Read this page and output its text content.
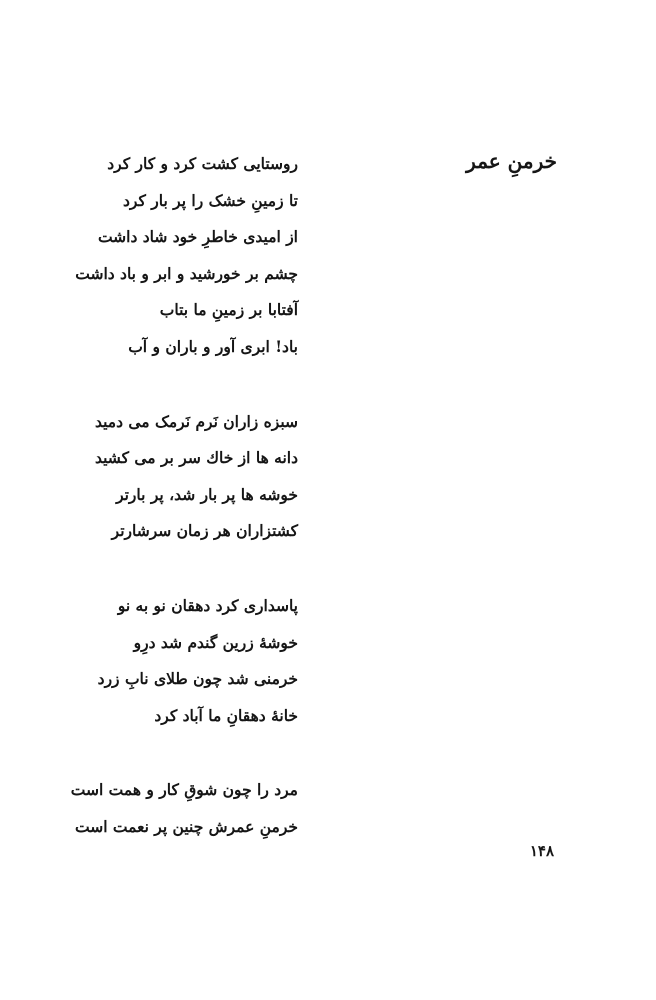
خرمنِ عمر
روستایی کشت کرد و کار کرد
تا زمینِ خشک را پر بار کرد
از امیدی خاطرِ خود شاد داشت
چشم بر خورشید و ابر و باد داشت
آفتابا بر زمینِ ما بتاب
باد! ابری آور و باران و آب
سبزه زاران نَرم نَرمک می دمید
دانه ها از خاك سر بر می کشید
خوشه ها پر بار شد، پر بارتر
کشتزاران هر زمان سرشارتر
پاسداری کرد دهقان نو به نو
خوشهٔ زرین گندم شد درِو
خرمنی شد چون طلای نابِ زرد
خانهٔ دهقانِ ما آباد کرد
مرد را چون شوقِ کار و همت است
خرمنِ عمرش چنین پر نعمت است
۱۴۸
